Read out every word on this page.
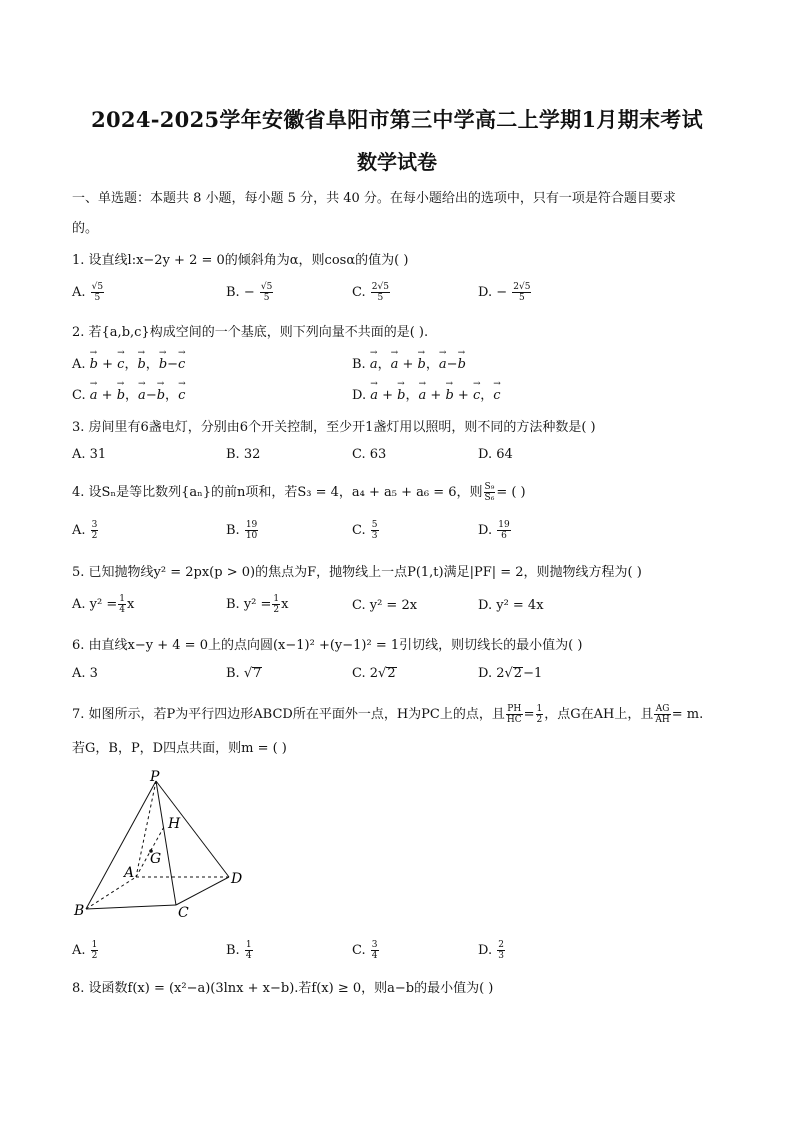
2024-2025学年安徽省阜阳市第三中学高二上学期1月期末考试
数学试卷
一、单选题：本题共 8 小题，每小题 5 分，共 40 分。在每小题给出的选项中，只有一项是符合题目要求
的。
1. 设直线l:x−2y + 2 = 0的倾斜角为α，则cosα的值为( )
A. $\frac{√5}{5}$	B. − $\frac{√5}{5}$	C. $\frac{2√5}{5}$	D. − $\frac{2√5}{5}$
2. 若{a,b,c}构成空间的一个基底，则下列向量不共面的是( ).
A. → b + → c，→ b，→ b−→ c	B. → a，→ a + → b，→ a−→ b
C. → a + → b，→ a−→ b，→ c	D. → a + → b，→ a + → b + → c，→ c
3. 房间里有6盏电灯，分别由6个开关控制，至少开1盏灯用以照明，则不同的方法种数是( )
A. 31	B. 32	C. 63	D. 64
4. 设Sₙ是等比数列{aₙ}的前n项和，若S₃ = 4，a₄ + a₅ + a₆ = 6，则 $\frac{\text{S₉}}{\text{S₆}}$ = ( )
A. $\frac{3}{2}$	B. $\frac{19}{10}$	C. $\frac{5}{3}$	D. $\frac{19}{6}$
5. 已知抛物线y² = 2px(p > 0)的焦点为F，抛物线上一点P(1,t)满足|PF| = 2，则抛物线方程为( )
A. $y^2 = \frac{1}{4}$ x	B. $y^2 = \frac{1}{2}$ x	C. y² = 2x	D. y² = 4x
6. 由直线x−y + 4 = 0上的点向圆(x−1)² +(y−1)² = 1引切线，则切线长的最小值为( )
A. 3	B. √7	C. 2√2	D. 2√2−1
7. 如图所示，若P为平行四边形ABCD所在平面外一点，H为PC上的点，且 $\frac{PH}{HC} = \frac{1}{2}$ ，点G在AH上，且 $\frac{AG}{AH} = m$.
若G，B，P，D四点共面，则m = ( )
P
H
G
A
B	C
D
A. $\frac{1}{2}$	B. $\frac{1}{4}$	C. $\frac{3}{4}$	D. $\frac{2}{3}$
8. 设函数f(x) = (x²−a)(3lnx + x−b).若f(x) ≥ 0，则a−b的最小值为( )
